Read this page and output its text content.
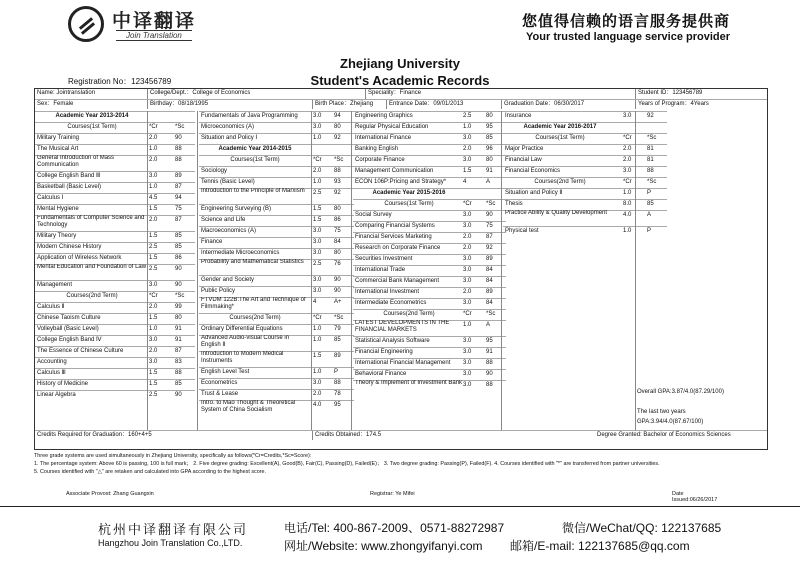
中译翻译
Join Translation
您值得信赖的语言服务提供商
Your trusted language service provider
Zhejiang University
Student's Academic Records
Registration No：123456789
Name: Jointranslation	College/Dept.：College of Economics	Speciality：Finance	Student ID：123456789
Sex：Female	Birthday：08/18/1995	Birth Place：Zhejiang	Entrance Date：09/01/2013	Graduation Date：06/30/2017	Years of Program：4Years
Credits Required for Graduation：160+4+5	Credits Obtained：174.5	Degree Granted: Bachelor of Economics Sciences
Overall GPA:3.87/4.0(87.29/100)
The last two years
GPA:3.94/4.0(87.67/100)
Academic Year 2013-2014
Courses(1st Term)	*Cr	*Sc
Military Training	2.0	90
The Musical Art	1.0	88
General Introduction of Mass Communication
2.0	88
College English Band Ⅲ	3.0	89
Basketball (Basic Level)	1.0	87
Calculus Ⅰ	4.5	94
Mental Hygiene	1.5	75
Fundamentals of Computer Science and Technology
2.0	87
Military Theory	1.5	85
Modern Chinese History	2.5	85
Application of Wireless Network	1.5	86
Mental Education and Foundation of Law 2.5	90
Management	3.0	90
Courses(2nd Term)	*Cr	*Sc
Calculus Ⅱ	2.0	99
Chinese Taoism Culture	1.5	80
Volleyball (Basic Level)	1.0	91
College English Band Ⅳ	3.0	91
The Essence of Chinese Culture	2.0	87
Accounting	3.0	83
Calculus Ⅲ	1.5	88
History of Medicine	1.5	85
Linear Algebra	2.5	90
Fundamentals of Java Programming	3.0 94
Microeconomics (A)	3.0 80
Situation and Policy Ⅰ	1.0 92
Academic Year 2014-2015
Courses(1st Term)	*Cr *Sc
Sociology	2.0 88
Tennis (Basic Level)	1.0 93
Introduction to the Principle of Marxism	2.5 92
Engineering Surveying (B)	1.5 80
Science and Life	1.5 86
Macroeconomics (A)	3.0 75
Finance	3.0 84
Intermediate Microeconomics	3.0 80
Probability and Mathematical Statistics	2.5 76
Gender and Society	3.0 90
Public Policy	3.0 90
FTVDM 122B:The Art and Technique of Filmmaking*
4	A+
Courses(2nd Term)	*Cr *Sc
Ordinary Differential Equations	1.0 79
Advanced Audio-visual Course in English Ⅱ
1.0 85
Introduction to Modern Medical Instruments
1.5 89
English Level Test	1.0 P
Econometrics	3.0 88
Trust & Lease	2.0 78
Intro. to Mao Thought & Theoretical System of China Socialism
4.0 95
Engineering Graphics	2.5 80
Regular Physical Education	1.0 95
International Finance	3.0 85
Banking English	2.0 96
Corporate Finance	3.0 80
Management Communication	1.5 91
ECON 106P:Pricing and Strategy*	4	A
Academic Year 2015-2016
Courses(1st Term)	*Cr *Sc
Social Survey	3.0 90
Comparing Financial Systems	3.0 75
Financial Services Marketing	2.0 87
Research on Corporate Finance	2.0 92
Securities Investment	3.0 89
International Trade	3.0 84
Commercial Bank Management	3.0 84
International Investment	2.0 89
Intermediate Econometrics	3.0 84
Courses(2nd Term)	*Cr *Sc
LATEST DEVELOPMENTS IN THE FINANCIAL MARKETS
1.0 A
Statistical Analysis Software	3.0 95
Financial Engineering	3.0 91
International Financial Management	3.0 88
Behavioral Finance	3.0 90
Theory & Implement of Investment Bank 3.0 88
Insurance	3.0	92
Academic Year 2016-2017
Courses(1st Term)	*Cr	*Sc
Major Practice	2.0	81
Financial Law	2.0	81
Financial Economics	3.0	88
Courses(2nd Term)	*Cr	*Sc
Situation and Policy Ⅱ	1.0	P
Thesis	8.0	85
Practice Ability & Quality Development	4.0	A
Physical test	1.0	P
Three grade systems are used simultaneously in Zhejiang University, specifically as follows(*Cr=Credits,*Sc=Score):
1. The percentage system: Above 60 is passing, 100 is full mark； 2. Five degree grading: Excellent(A), Good(B), Fair(C), Passing(D), Failed(E)； 3. Two degree grading: Passing(P), Failed(F). 4. Courses identified with "*" are transferred from partner universities.
5. Courses identified with "△" are retaken and calculated into GPA according to the highest score.
Associate Provost: Zhang Guangxin	Registrar: Ye Mifei	Date Issued:06/26/2017
杭州中译翻译有限公司
Hangzhou Join Translation Co.,LTD.
电话/Tel: 400-867-2009、0571-88272987
网址/Website: www.zhongyifanyi.com
微信/WeChat/QQ: 122137685
邮箱/E-mail: 122137685@qq.com
